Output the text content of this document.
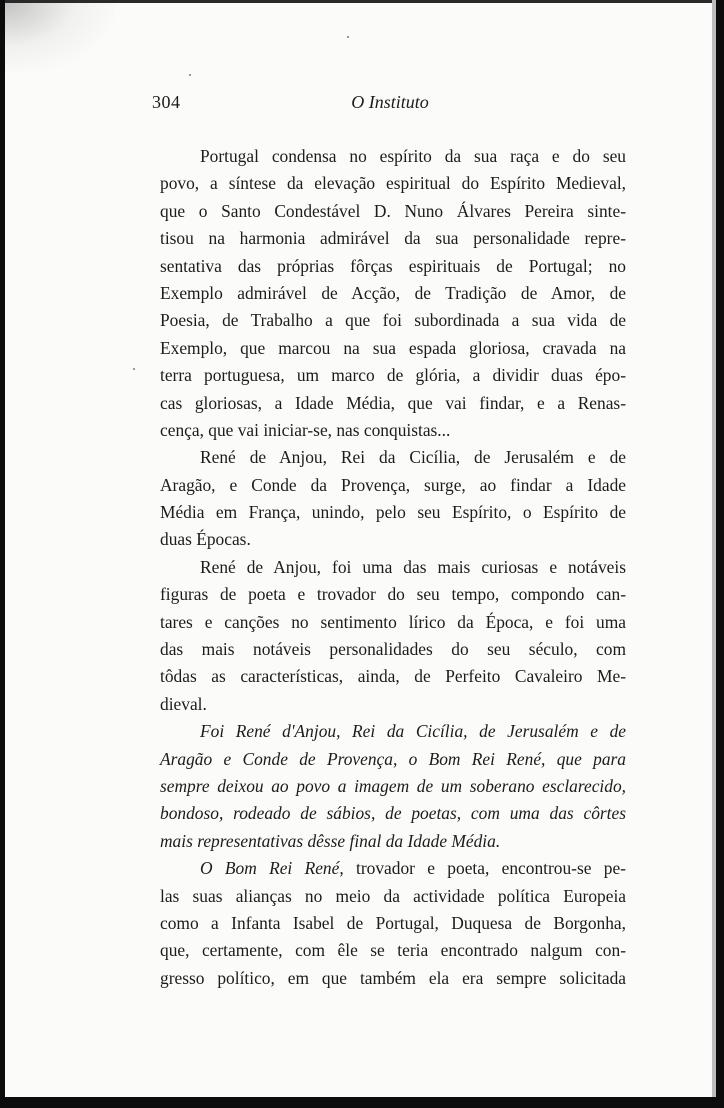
304	O Instituto
Portugal condensa no espírito da sua raça e do seu
povo, a síntese da elevação espiritual do Espírito Medieval,
que o Santo Condestável D. Nuno Álvares Pereira sinte-
tisou na harmonia admirável da sua personalidade repre-
sentativa das próprias fôrças espirituais de Portugal; no
Exemplo admirável de Acção, de Tradição de Amor, de
Poesia, de Trabalho a que foi subordinada a sua vida de
Exemplo, que marcou na sua espada gloriosa, cravada na
terra portuguesa, um marco de glória, a dividir duas épo-
cas gloriosas, a Idade Média, que vai findar, e a Renas-
cença, que vai iniciar-se, nas conquistas...
René de Anjou, Rei da Cicília, de Jerusalém e de
Aragão, e Conde da Provença, surge, ao findar a Idade
Média em França, unindo, pelo seu Espírito, o Espírito de
duas Épocas.
René de Anjou, foi uma das mais curiosas e notáveis
figuras de poeta e trovador do seu tempo, compondo can-
tares e canções no sentimento lírico da Época, e foi uma
das mais notáveis personalidades do seu século, com
tôdas as características, ainda, de Perfeito Cavaleiro Me-
dieval.
Foi René d'Anjou, Rei da Cicília, de Jerusalém e de
Aragão e Conde de Provença, o Bom Rei René, que para
sempre deixou ao povo a imagem de um soberano esclarecido,
bondoso, rodeado de sábios, de poetas, com uma das côrtes
mais representativas dêsse final da Idade Média.
O Bom Rei René, trovador e poeta, encontrou-se pe-
las suas alianças no meio da actividade política Europeia
como a Infanta Isabel de Portugal, Duquesa de Borgonha,
que, certamente, com êle se teria encontrado nalgum con-
gresso político, em que também ela era sempre solicitada
